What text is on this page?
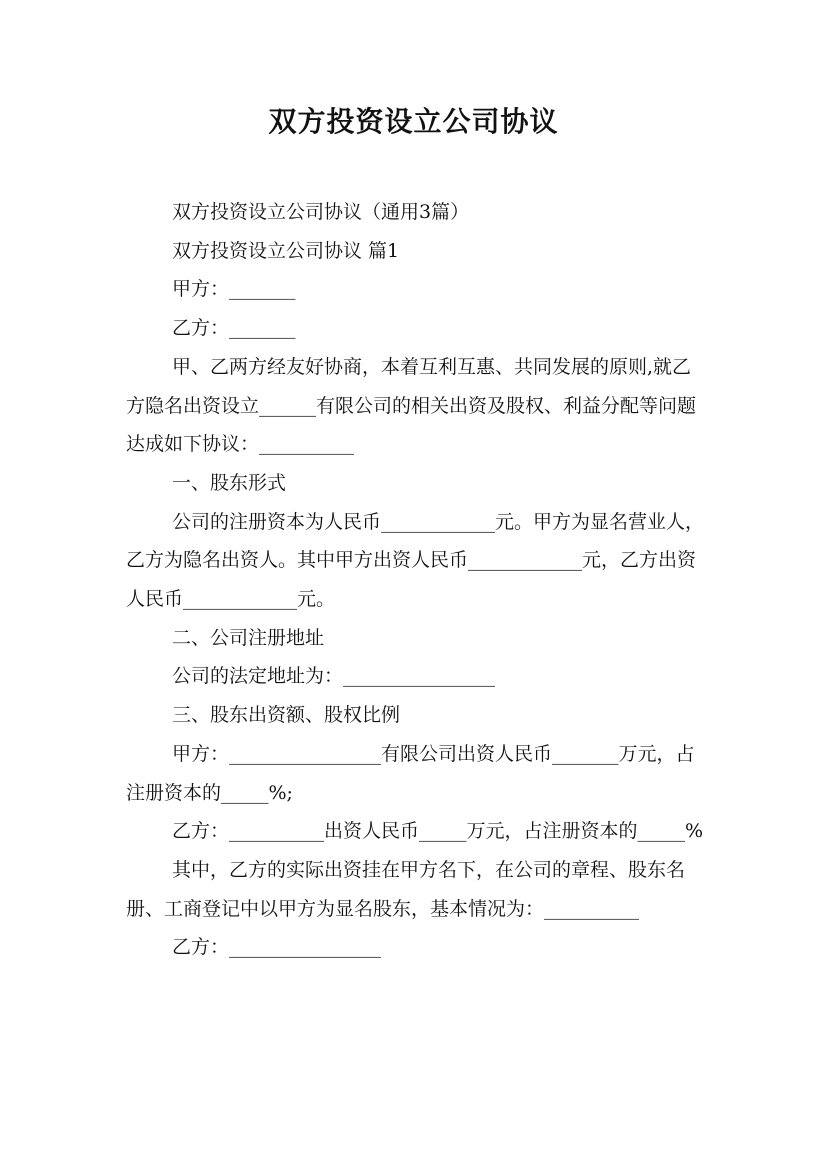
双方投资设立公司协议

双方投资设立公司协议（通用3篇）

双方投资设立公司协议 篇1

甲方：_______

乙方：_______

甲、乙两方经友好协商，本着互利互惠、共同发展的原则,就乙方隐名出资设立______有限公司的相关出资及股权、利益分配等问题达成如下协议：__________

一、股东形式

公司的注册资本为人民币____________元。甲方为显名营业人，乙方为隐名出资人。其中甲方出资人民币____________元，乙方出资人民币____________元。

二、公司注册地址

公司的法定地址为：________________

三、股东出资额、股权比例

甲方：________________有限公司出资人民币_______万元，占注册资本的_____%;

乙方：__________出资人民币_____万元，占注册资本的_____%

其中，乙方的实际出资挂在甲方名下，在公司的章程、股东名册、工商登记中以甲方为显名股东，基本情况为：__________

乙方：________________
